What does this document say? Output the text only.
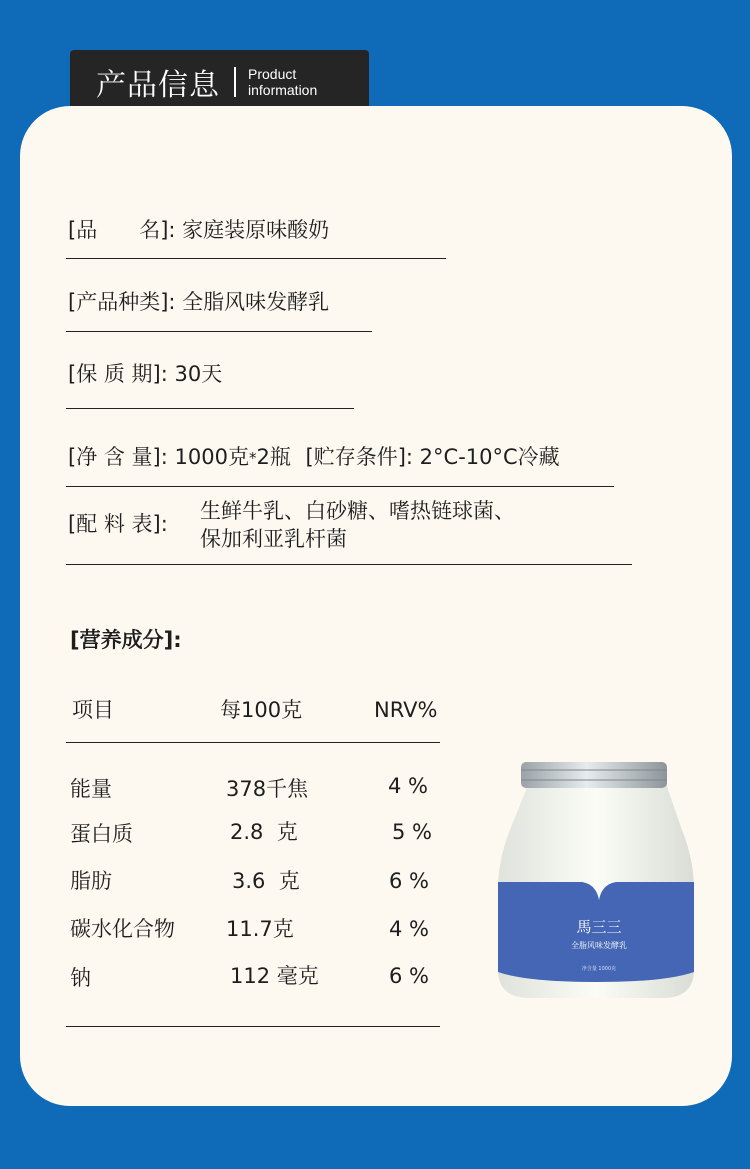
产品信息 Product
information
[品　　名]: 家庭装原味酸奶
[产品种类]: 全脂风味发酵乳
[保 质 期]: 30天
[净 含 量]: 1000克*2瓶 [贮存条件]: 2°C-10°C冷藏
[配 料 表]:
生鲜牛乳、白砂糖、嗜热链球菌、
保加利亚乳杆菌
[营养成分]:
项目	每100克	NRV%
能量	378千焦	4 %
蛋白质	2.8  克	5 %
脂肪	3.6  克	6 %
碳水化合物 11.7克	4 %
钠	112 毫克	6 %
馬三三
全脂风味发酵乳
净含量 1000克
